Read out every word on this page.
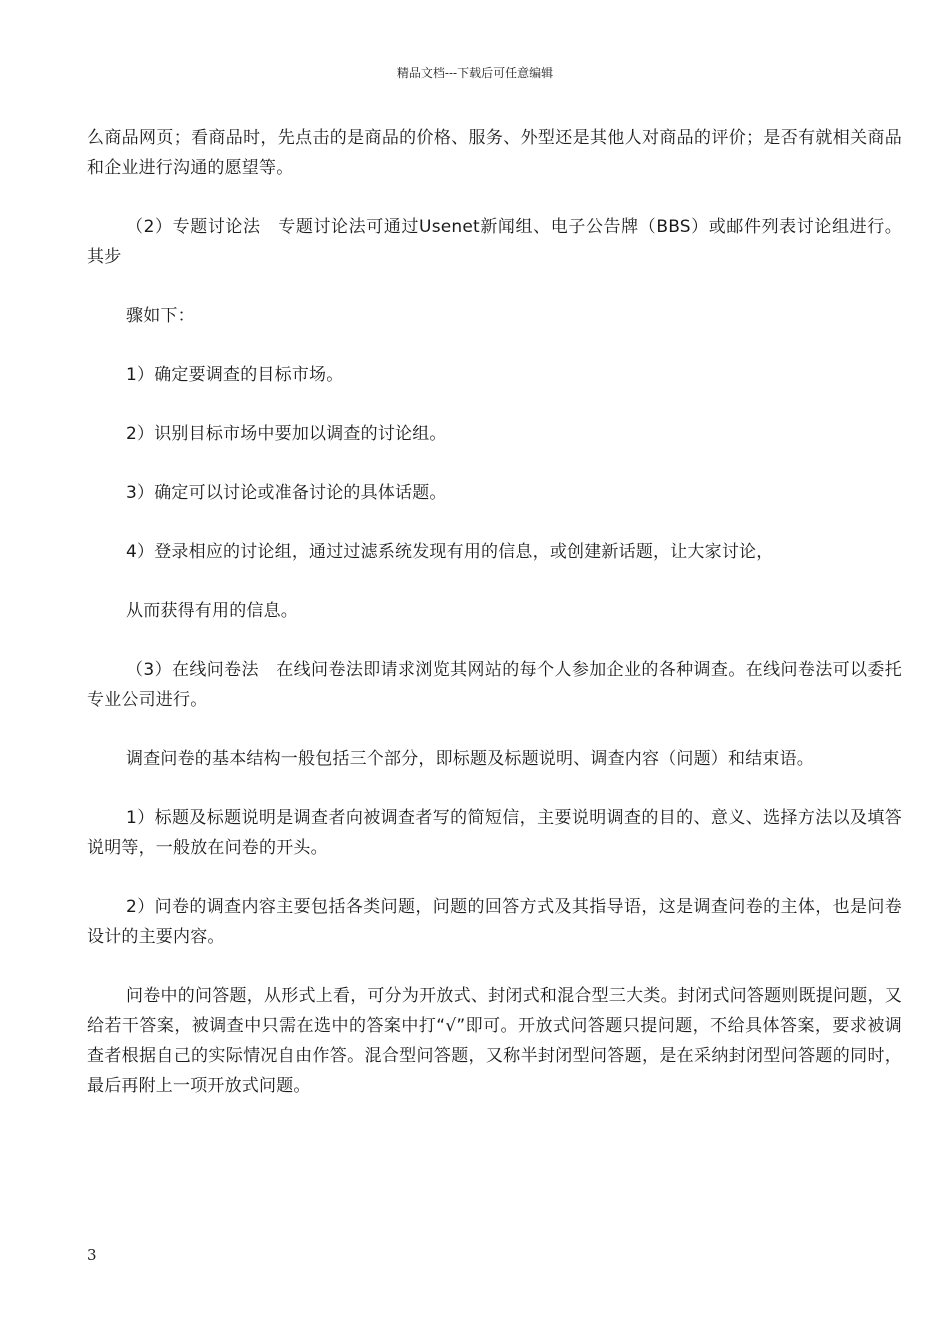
精品文档---下载后可任意编辑

么商品网页；看商品时，先点击的是商品的价格、服务、外型还是其他人对商品的评价；是否有就相关商品和企业进行沟通的愿望等。

（2）专题讨论法　专题讨论法可通过Usenet新闻组、电子公告牌（BBS）或邮件列表讨论组进行。其步

骤如下：

1）确定要调查的目标市场。

2）识别目标市场中要加以调查的讨论组。

3）确定可以讨论或准备讨论的具体话题。

4）登录相应的讨论组，通过过滤系统发现有用的信息，或创建新话题，让大家讨论，

从而获得有用的信息。

（3）在线问卷法　在线问卷法即请求浏览其网站的每个人参加企业的各种调查。在线问卷法可以委托专业公司进行。

调查问卷的基本结构一般包括三个部分，即标题及标题说明、调查内容（问题）和结束语。

1）标题及标题说明是调查者向被调查者写的简短信，主要说明调查的目的、意义、选择方法以及填答说明等，一般放在问卷的开头。

2）问卷的调查内容主要包括各类问题，问题的回答方式及其指导语，这是调查问卷的主体，也是问卷设计的主要内容。

问卷中的问答题，从形式上看，可分为开放式、封闭式和混合型三大类。封闭式问答题则既提问题，又给若干答案，被调查中只需在选中的答案中打“√”即可。开放式问答题只提问题，不给具体答案，要求被调查者根据自己的实际情况自由作答。混合型问答题，又称半封闭型问答题，是在采纳封闭型问答题的同时，最后再附上一项开放式问题。

3
